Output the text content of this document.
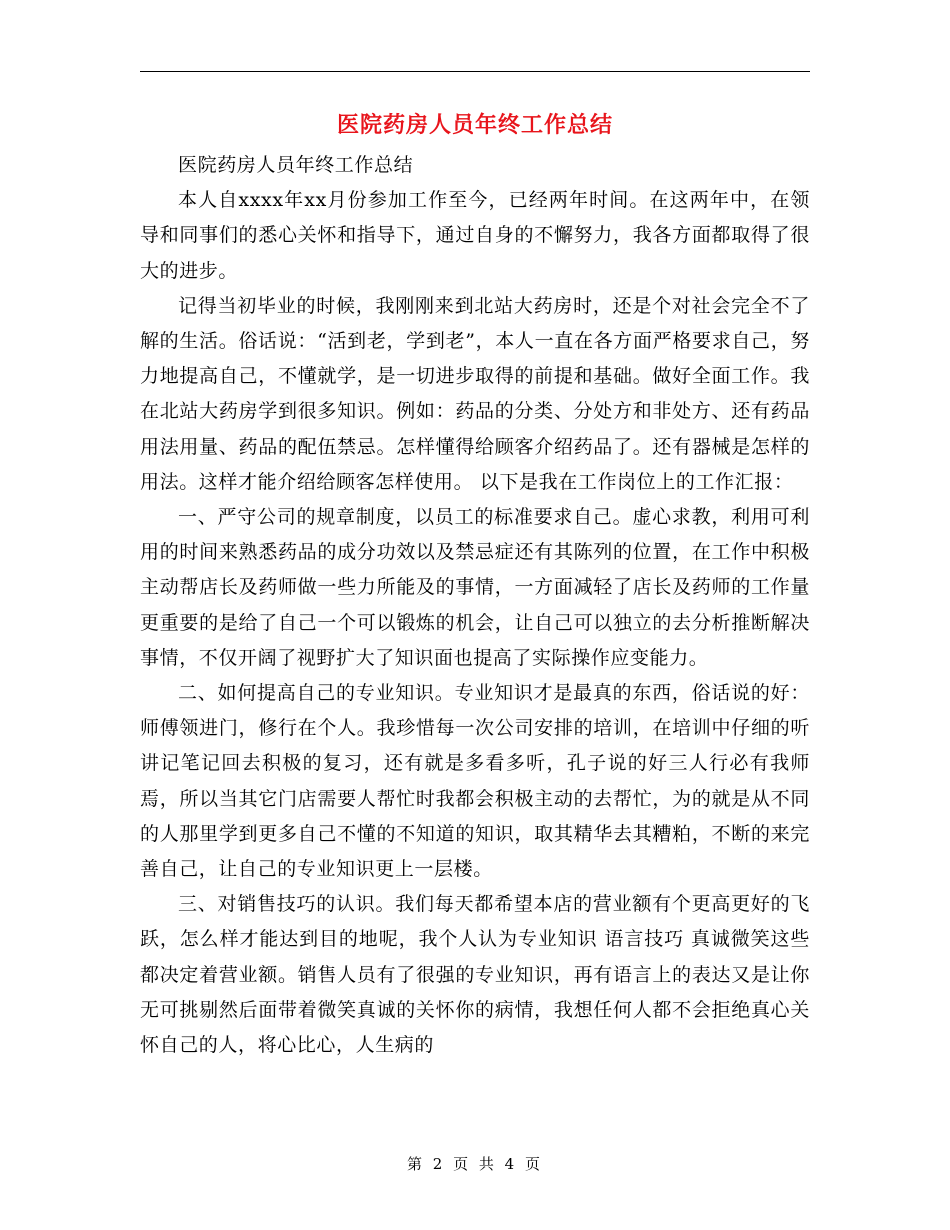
医院药房人员年终工作总结

医院药房人员年终工作总结

本人自xxxx年xx月份参加工作至今，已经两年时间。在这两年中，在领导和同事们的悉心关怀和指导下，通过自身的不懈努力，我各方面都取得了很大的进步。

记得当初毕业的时候，我刚刚来到北站大药房时，还是个对社会完全不了解的生活。俗话说：“活到老，学到老”，本人一直在各方面严格要求自己，努力地提高自己，不懂就学，是一切进步取得的前提和基础。做好全面工作。我在北站大药房学到很多知识。例如：药品的分类、分处方和非处方、还有药品用法用量、药品的配伍禁忌。怎样懂得给顾客介绍药品了。还有器械是怎样的用法。这样才能介绍给顾客怎样使用。 以下是我在工作岗位上的工作汇报：

一、严守公司的规章制度，以员工的标准要求自己。虚心求教，利用可利用的时间来熟悉药品的成分功效以及禁忌症还有其陈列的位置，在工作中积极主动帮店长及药师做一些力所能及的事情，一方面减轻了店长及药师的工作量更重要的是给了自己一个可以锻炼的机会，让自己可以独立的去分析推断解决事情，不仅开阔了视野扩大了知识面也提高了实际操作应变能力。

二、如何提高自己的专业知识。专业知识才是最真的东西，俗话说的好：师傅领进门，修行在个人。我珍惜每一次公司安排的培训，在培训中仔细的听讲记笔记回去积极的复习，还有就是多看多听，孔子说的好三人行必有我师焉，所以当其它门店需要人帮忙时我都会积极主动的去帮忙，为的就是从不同的人那里学到更多自己不懂的不知道的知识，取其精华去其糟粕，不断的来完善自己，让自己的专业知识更上一层楼。

三、对销售技巧的认识。我们每天都希望本店的营业额有个更高更好的飞跃，怎么样才能达到目的地呢，我个人认为专业知识 语言技巧 真诚微笑这些都决定着营业额。销售人员有了很强的专业知识，再有语言上的表达又是让你无可挑剔然后面带着微笑真诚的关怀你的病情，我想任何人都不会拒绝真心关怀自己的人，将心比心，人生病的

第 2 页 共 4 页
